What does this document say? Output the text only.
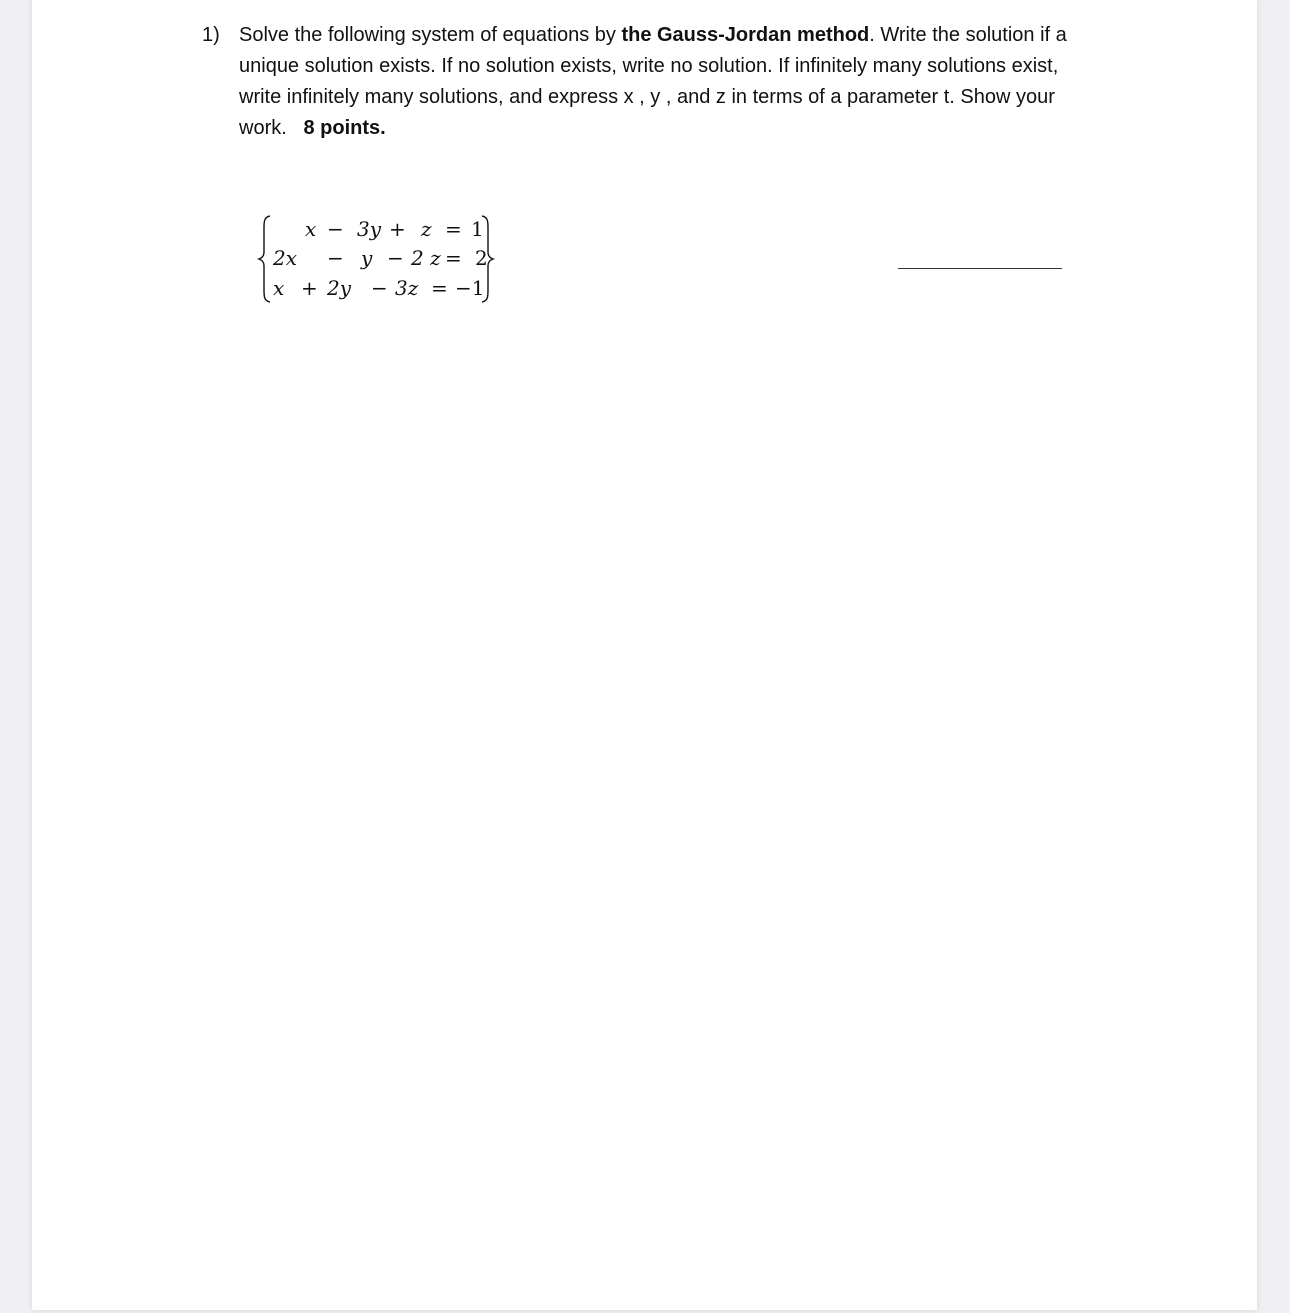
1) Solve the following system of equations by the Gauss-Jordan method. Write the solution if a unique solution exists. If no solution exists, write no solution. If infinitely many solutions exist, write infinitely many solutions, and express x , y , and z in terms of a parameter t. Show your work. 8 points.
x − 3y + z = 1
2x − y − 2 z = 2
x + 2y − 3z = −1
